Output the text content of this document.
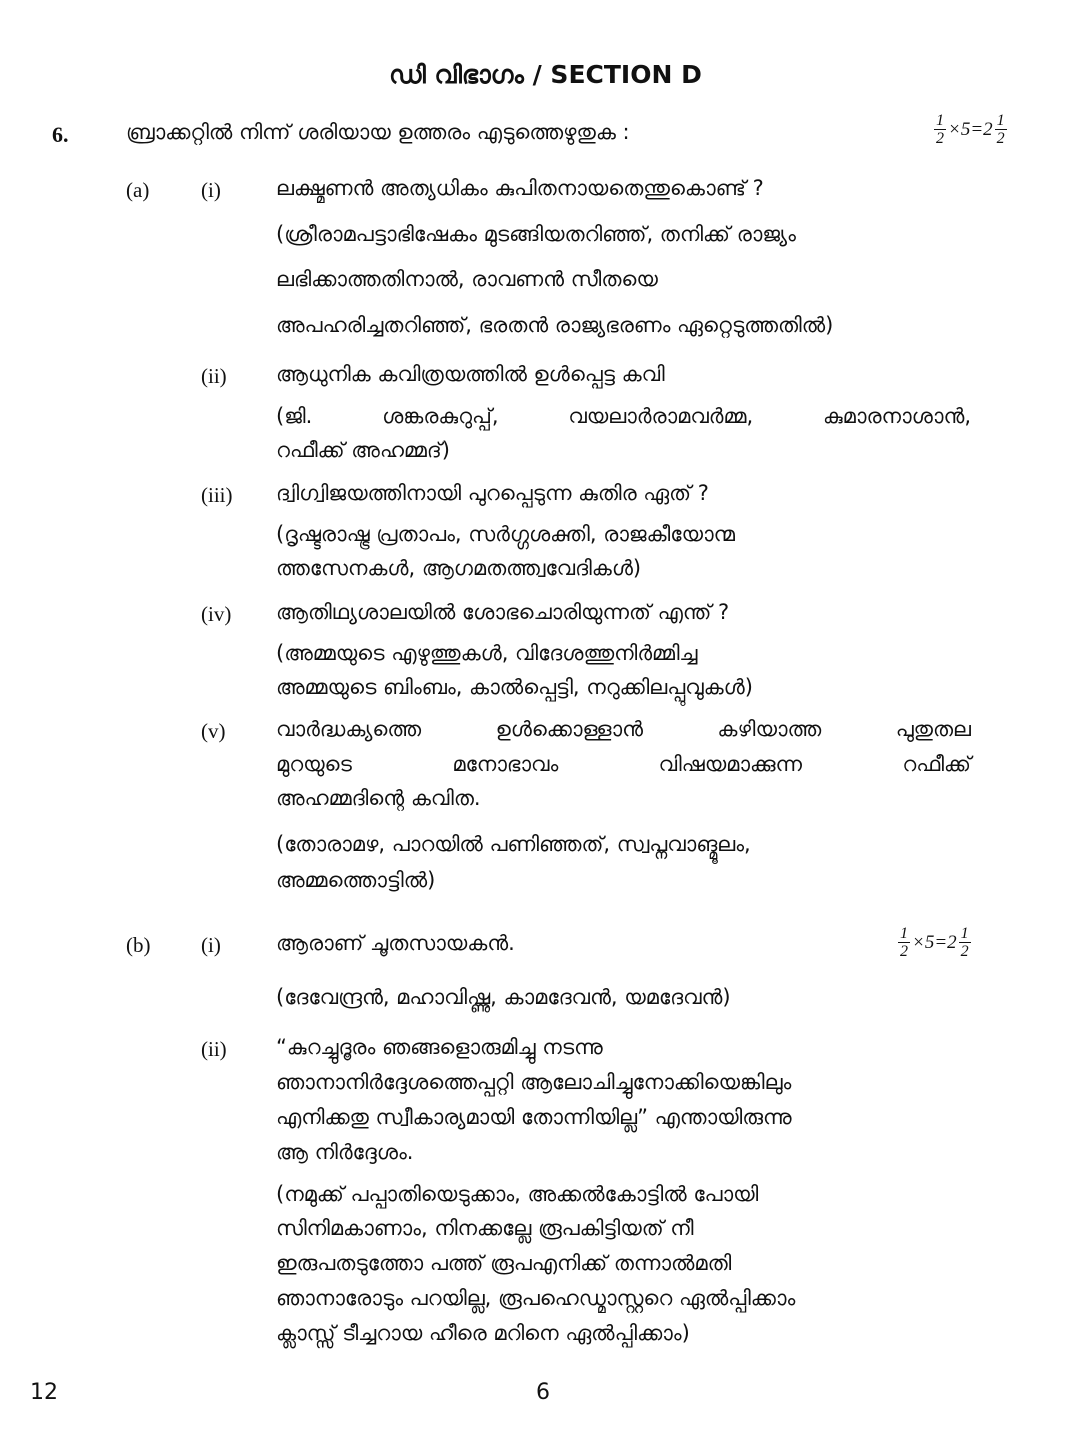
ഡി വിഭാഗം / SECTION D
6.	ബ്രാക്കറ്റിൽ നിന്ന് ശരിയായ ഉത്തരം എടുത്തെഴുതുക :	$\frac{1}{2} \times 5=2 \frac{1}{2}$
(a) (i)	ലക്ഷ്മണൻ അത്യധികം കുപിതനായതെന്തുകൊണ്ട് ?
(ശ്രീരാമപട്ടാഭിഷേകം മുടങ്ങിയതറിഞ്ഞ്, തനിക്ക് രാജ്യം
ലഭിക്കാത്തതിനാൽ, രാവണൻ സീതയെ
അപഹരിച്ചതറിഞ്ഞ്, ഭരതൻ രാജ്യഭരണം ഏറ്റെടുത്തതിൽ)
(ii) ആധുനിക കവിത്രയത്തിൽ ഉൾപ്പെട്ട കവി
(ജി. ശങ്കരകുറുപ്പ്, വയലാർരാമവർമ്മ, കുമാരനാശാൻ,
റഫീക്ക് അഹമ്മദ്)
(iii) ദ്വിഗ്വിജയത്തിനായി പുറപ്പെടുന്ന കുതിര ഏത് ?
(ദൃഷ്ടരാഷ്ട്ര പ്രതാപം, സർഗ്ഗശക്തി, രാജകീയോന്മ
ത്തസേനകൾ, ആഗമതത്ത്വവേദികൾ)
(iv) ആതിഥ്യശാലയിൽ ശോഭചൊരിയുന്നത് എന്ത് ?
(അമ്മയുടെ എഴുത്തുകൾ, വിദേശത്തുനിർമ്മിച്ച
അമ്മയുടെ ബിംബം, കാൽപ്പെട്ടി, നറുക്കിലപ്പുവുകൾ)
(v) വാർദ്ധക്യത്തെ ഉൾക്കൊള്ളാൻ കഴിയാത്ത പുതുതല
മുറയുടെ മനോഭാവം വിഷയമാക്കുന്ന റഫീക്ക്
അഹമ്മദിന്റെ കവിത.
(തോരാമഴ, പാറയിൽ പണിഞ്ഞത്, സ്വപ്നവാങ്മൂലം,
അമ്മത്തൊട്ടിൽ)
(b) (i)	ആരാണ് ചൂതസായകൻ.	$\frac{1}{2} \times 5=2 \frac{1}{2}$
(ദേവേന്ദ്രൻ, മഹാവിഷ്ണു, കാമദേവൻ, യമദേവൻ)
(ii) “കുറച്ചുദൂരം ഞങ്ങളൊരുമിച്ചു നടന്നു
ഞാനാനിർദ്ദേശത്തെപ്പറ്റി ആലോചിച്ചുനോക്കിയെങ്കിലും
എനിക്കതു സ്വീകാര്യമായി തോന്നിയില്ല” എന്തായിരുന്നു
ആ നിർദ്ദേശം.
(നമുക്ക് പപ്പാതിയെടുക്കാം, അക്കൽകോട്ടിൽ പോയി
സിനിമകാണാം, നിനക്കല്ലേ രൂപകിട്ടിയത് നീ
ഇരുപതടുത്തോ പത്ത് രൂപഎനിക്ക് തന്നാൽമതി
ഞാനാരോടും പറയില്ല, രൂപഹെഡ്മാസ്റ്ററെ ഏൽപ്പിക്കാം
ക്ലാസ്സ് ടീച്ചറായ ഹീരെ മറിനെ ഏൽപ്പിക്കാം)
12	6
